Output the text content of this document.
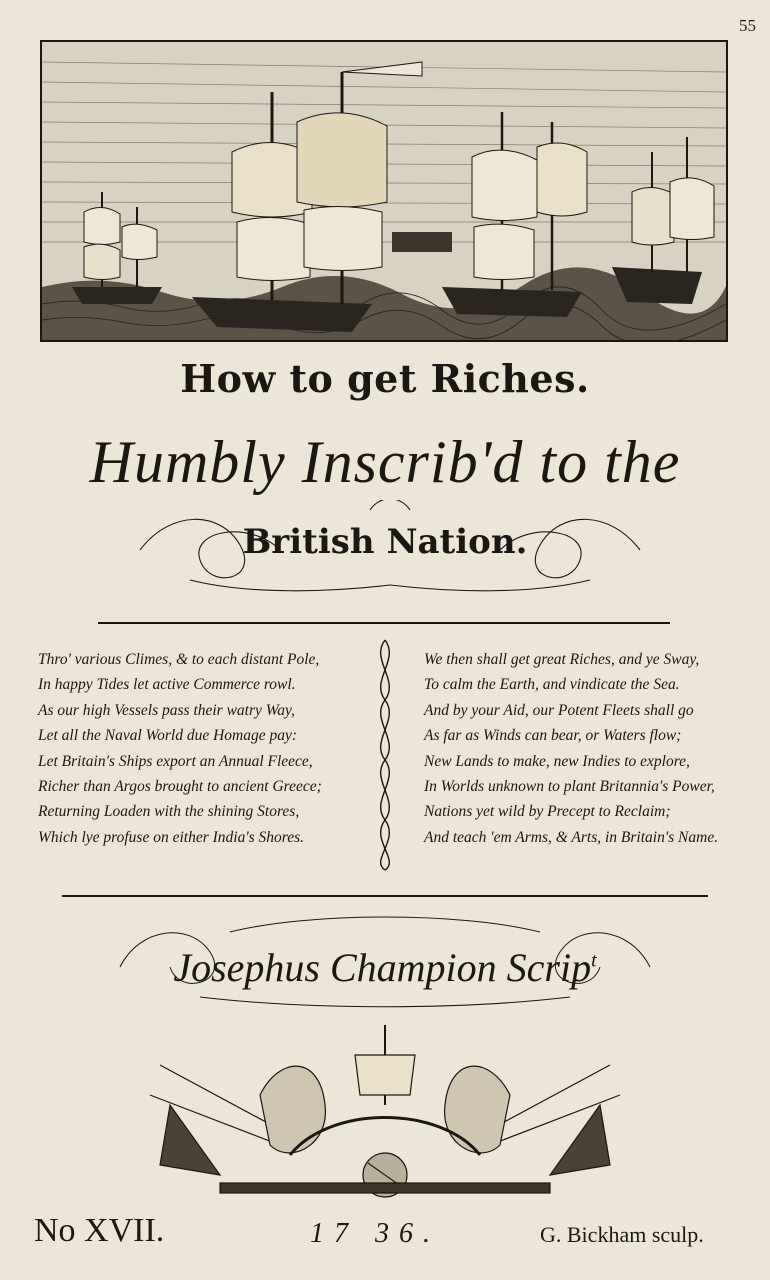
55
How to get Riches.
Humbly Inscrib'd to the
British Nation.
Thro' various Climes, & to each distant Pole,
In happy Tides let active Commerce rowl.
As our high Vessels pass their watry Way,
Let all the Naval World due Homage pay:
Let Britain's Ships export an Annual Fleece,
Richer than Argos brought to ancient Greece;
Returning Loaden with the shining Stores,
Which lye profuse on either India's Shores.
We then shall get great Riches, and ye Sway,
To calm the Earth, and vindicate the Sea.
And by your Aid, our Potent Fleets shall go
As far as Winds can bear, or Waters flow;
New Lands to make, new Indies to explore,
In Worlds unknown to plant Britannia's Power,
Nations yet wild by Precept to Reclaim;
And teach 'em Arms, & Arts, in Britain's Name.
Josephus Champion Scrip$^t$
No XVII.	17 36.	G. Bickham sculp.
